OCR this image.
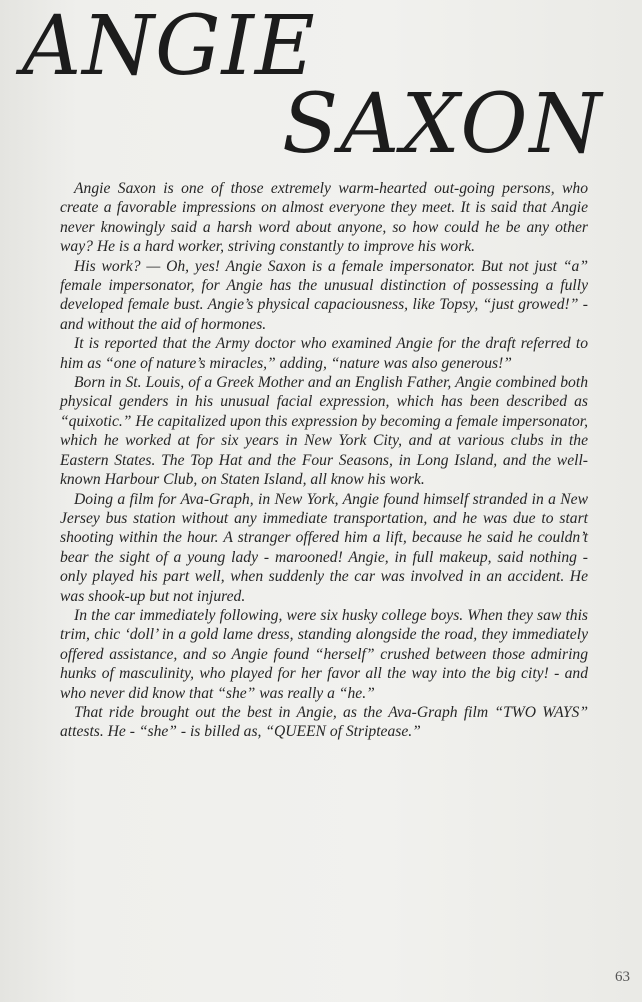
ANGIE
SAXON

Angie Saxon is one of those extremely warm-hearted out-going persons, who create a favorable impressions on almost everyone they meet. It is said that Angie never knowingly said a harsh word about anyone, so how could he be any other way? He is a hard worker, striving constantly to improve his work.

His work? — Oh, yes! Angie Saxon is a female impersonator. But not just “a” female impersonator, for Angie has the unusual distinction of possessing a fully developed female bust. Angie’s physical capaciousness, like Topsy, “just growed!” - and without the aid of hormones.

It is reported that the Army doctor who examined Angie for the draft referred to him as “one of nature’s miracles,” adding, “nature was also generous!”

Born in St. Louis, of a Greek Mother and an English Father, Angie combined both physical genders in his unusual facial expression, which has been described as “quixotic.” He capitalized upon this expression by becoming a female impersonator, which he worked at for six years in New York City, and at various clubs in the Eastern States. The Top Hat and the Four Seasons, in Long Island, and the well-known Harbour Club, on Staten Island, all know his work.

Doing a film for Ava-Graph, in New York, Angie found himself stranded in a New Jersey bus station without any immediate transportation, and he was due to start shooting within the hour. A stranger offered him a lift, because he said he couldn’t bear the sight of a young lady - marooned! Angie, in full makeup, said nothing - only played his part well, when suddenly the car was involved in an accident. He was shook-up but not injured.

In the car immediately following, were six husky college boys. When they saw this trim, chic ‘doll’ in a gold lame dress, standing alongside the road, they immediately offered assistance, and so Angie found “herself” crushed between those admiring hunks of masculinity, who played for her favor all the way into the big city! - and who never did know that “she” was really a “he.”

That ride brought out the best in Angie, as the Ava-Graph film “TWO WAYS” attests. He - “she” - is billed as, “QUEEN of Striptease.”

63
